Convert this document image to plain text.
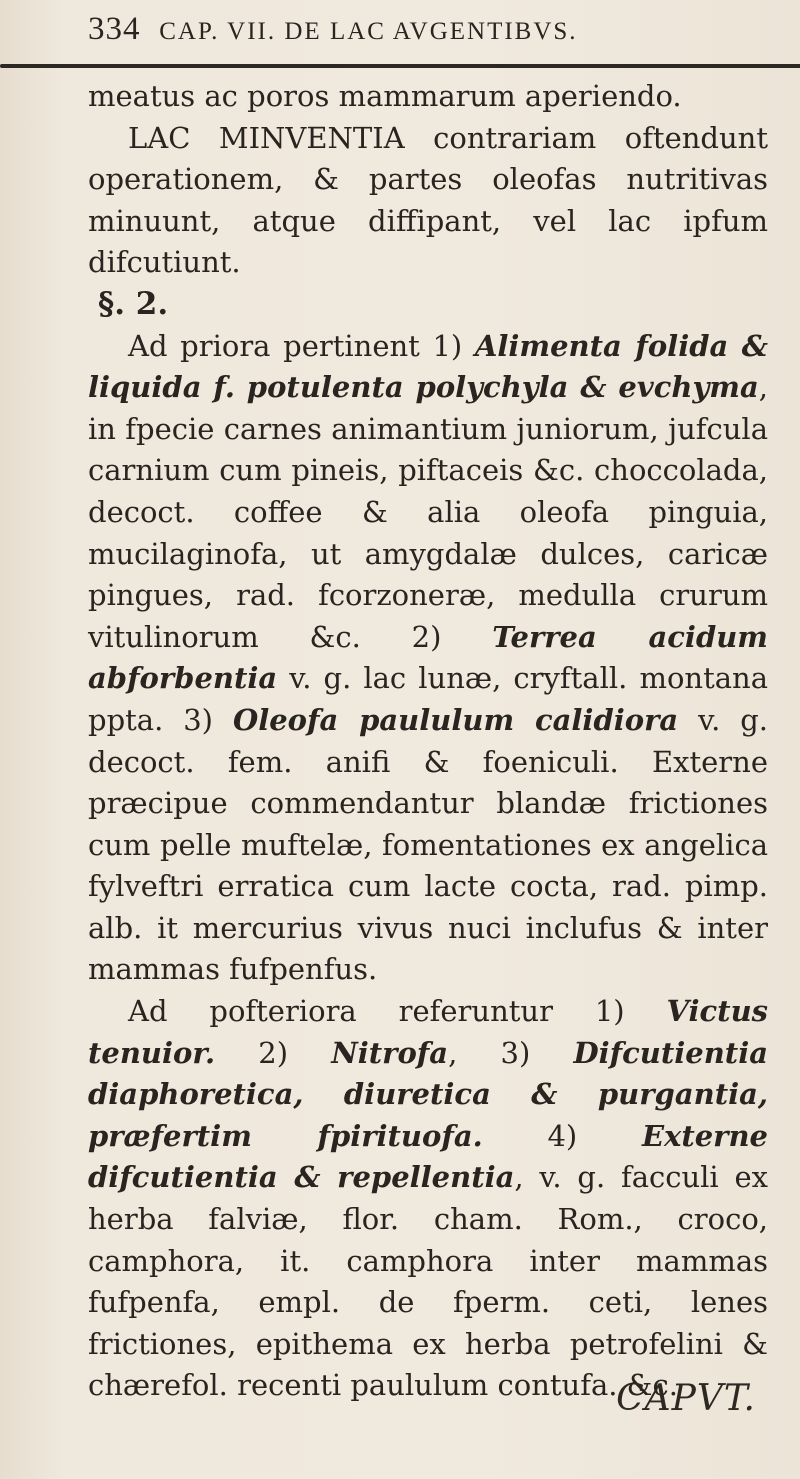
334 CAP. VII. DE LAC AVGENTIBVS.

meatus ac poros mammarum aperiendo.

LAC MINVENTIA contrariam oftendunt operationem, & partes oleofas nutritivas minuunt, atque diffipant, vel lac ipfum difcutiunt.

§. 2.

Ad priora pertinent 1) Alimenta folida & liquida f. potulenta polychyla & evchyma, in fpecie carnes animantium juniorum, jufcula carnium cum pineis, piftaceis &c. choccolada, decoct. coffee & alia oleofa pinguia, mucilaginofa, ut amygdalæ dulces, caricæ pingues, rad. fcorzoneræ, medulla crurum vitulinorum &c. 2) Terrea acidum abforbentia v. g. lac lunæ, cryftall. montana ppta. 3) Oleofa paululum calidiora v. g. decoct. fem. anifi & foeniculi. Externe præcipue commendantur blandæ frictiones cum pelle muftelæ, fomentationes ex angelica fylveftri erratica cum lacte cocta, rad. pimp. alb. it mercurius vivus nuci inclufus & inter mammas fufpenfus.

Ad pofteriora referuntur 1) Victus tenuior. 2) Nitrofa, 3) Difcutientia diaphoretica, diuretica & purgantia, præfertim fpirituofa. 4) Externe difcutientia & repellentia, v. g. facculi ex herba falviæ, flor. cham. Rom., croco, camphora, it. camphora inter mammas fufpenfa, empl. de fperm. ceti, lenes frictiones, epithema ex herba petrofelini & chærefol. recenti paululum contufa. &c.

CAPVT.
